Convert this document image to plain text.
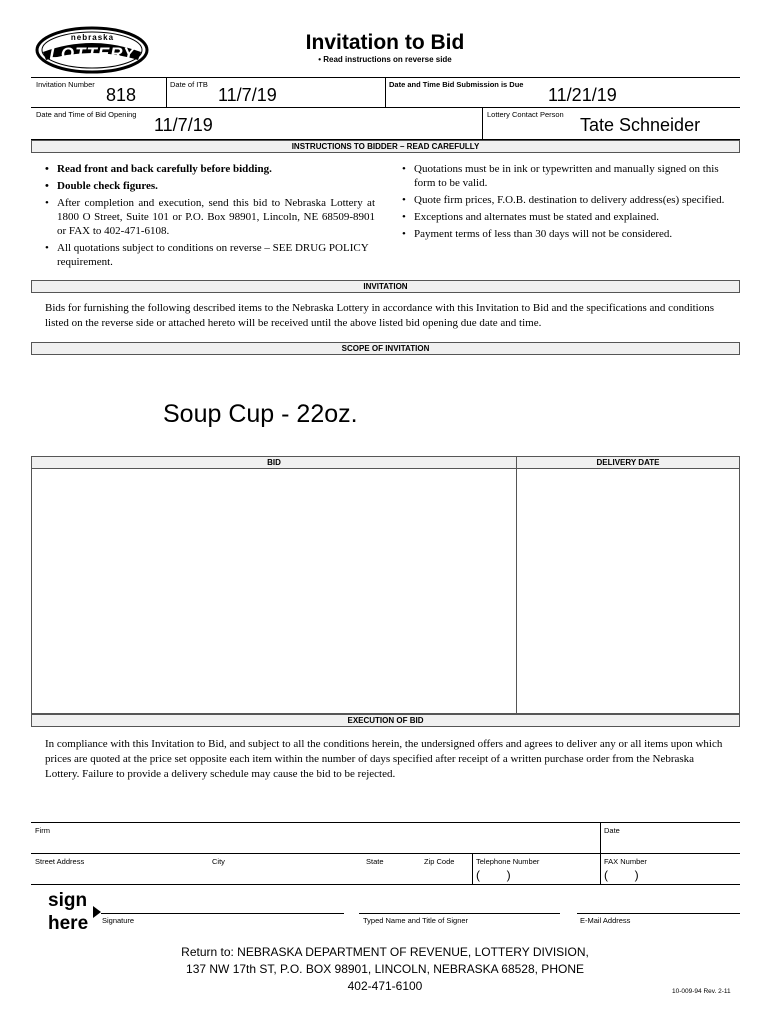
nebraska
LOTTERY	Invitation to Bid
• Read instructions on reverse side
Invitation Number
818
Date of ITB
11/7/19
Date and Time Bid Submission is Due
11/21/19
Date and Time of Bid Opening
11/7/19
Lottery Contact Person
Tate Schneider
INSTRUCTIONS TO BIDDER – READ CAREFULLY
• Read front and back carefully before bidding.
• Double check figures.
• After completion and execution, send this bid to Nebraska Lottery at 1800 O Street, Suite 101 or P.O. Box 98901, Lincoln, NE 68509-8901 or FAX to 402-471-6108.
• All quotations subject to conditions on reverse – SEE DRUG POLICY requirement.
• Quotations must be in ink or typewritten and manually signed on this form to be valid.
• Quote firm prices, F.O.B. destination to delivery address(es) specified.
• Exceptions and alternates must be stated and explained.
• Payment terms of less than 30 days will not be considered.
INVITATION
Bids for furnishing the following described items to the Nebraska Lottery in accordance with this Invitation to Bid and the specifications and conditions listed on the reverse side or attached hereto will be received until the above listed bid opening due date and time.
SCOPE OF INVITATION
Soup Cup - 22oz.
BID	DELIVERY DATE
EXECUTION OF BID
In compliance with this Invitation to Bid, and subject to all the conditions herein, the undersigned offers and agrees to deliver any or all items upon which prices are quoted at the price set opposite each item within the number of days specified after receipt of a written purchase order from the Nebraska Lottery. Failure to provide a delivery schedule may cause the bid to be rejected.
Firm	Date
Street Address	City	State	Zip Code	Telephone Number
(        )
FAX Number
(        )
sign
here Signature	Typed Name and Title of Signer	E-Mail Address
Return to: NEBRASKA DEPARTMENT OF REVENUE, LOTTERY DIVISION,
137 NW 17th ST, P.O. BOX 98901, LINCOLN, NEBRASKA 68528, PHONE
402-471-6100	10-009-94 Rev. 2-11
